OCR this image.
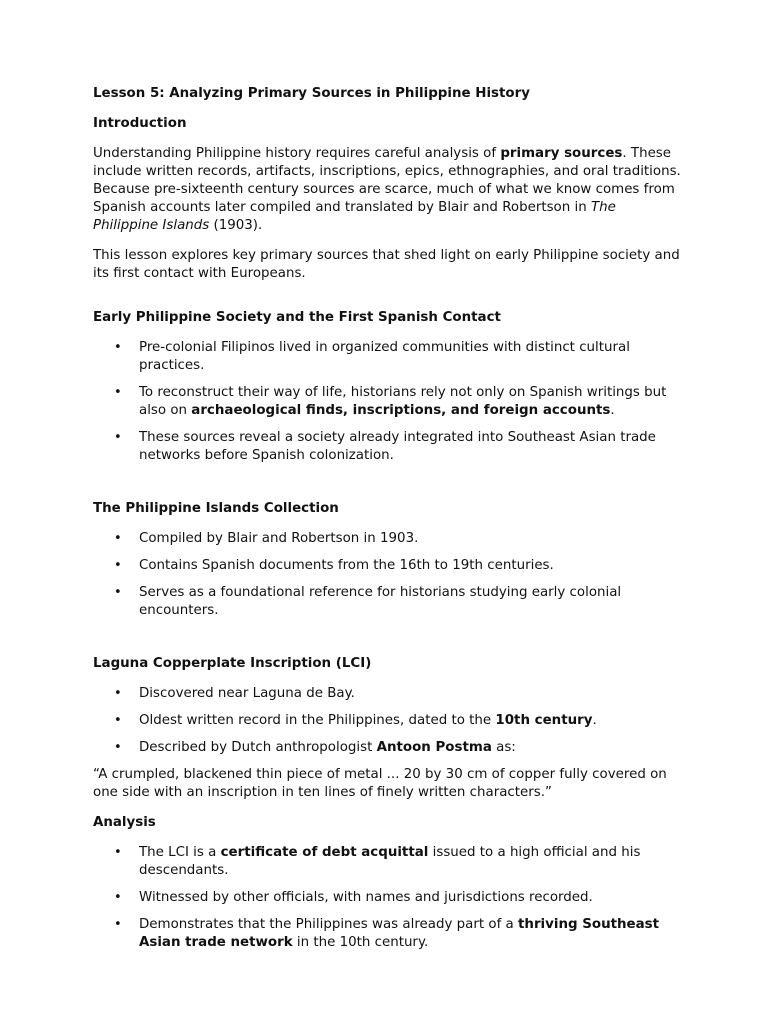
Lesson 5: Analyzing Primary Sources in Philippine History

Introduction

Understanding Philippine history requires careful analysis of primary sources. These include written records, artifacts, inscriptions, epics, ethnographies, and oral traditions. Because pre-sixteenth century sources are scarce, much of what we know comes from Spanish accounts later compiled and translated by Blair and Robertson in The Philippine Islands (1903).

This lesson explores key primary sources that shed light on early Philippine society and its first contact with Europeans.

Early Philippine Society and the First Spanish Contact

• Pre-colonial Filipinos lived in organized communities with distinct cultural practices.
• To reconstruct their way of life, historians rely not only on Spanish writings but also on archaeological finds, inscriptions, and foreign accounts.
• These sources reveal a society already integrated into Southeast Asian trade networks before Spanish colonization.

The Philippine Islands Collection

• Compiled by Blair and Robertson in 1903.
• Contains Spanish documents from the 16th to 19th centuries.
• Serves as a foundational reference for historians studying early colonial encounters.

Laguna Copperplate Inscription (LCI)

• Discovered near Laguna de Bay.
• Oldest written record in the Philippines, dated to the 10th century.
• Described by Dutch anthropologist Antoon Postma as:

“A crumpled, blackened thin piece of metal ... 20 by 30 cm of copper fully covered on one side with an inscription in ten lines of finely written characters.”

Analysis

• The LCI is a certificate of debt acquittal issued to a high official and his descendants.
• Witnessed by other officials, with names and jurisdictions recorded.
• Demonstrates that the Philippines was already part of a thriving Southeast Asian trade network in the 10th century.
